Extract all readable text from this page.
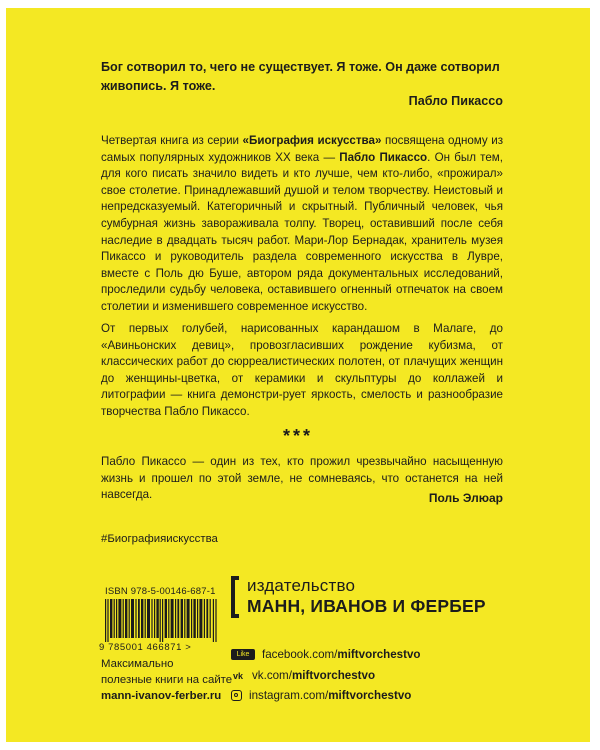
Бог сотворил то, чего не существует. Я тоже. Он даже сотворил живопись. Я тоже.
Пабло Пикассо

Четвертая книга из серии «Биография искусства» посвящена одному из самых популярных художников XX века — Пабло Пикассо. Он был тем, для кого писать значило видеть и кто лучше, чем кто-либо, «прожирал» свое столетие. Принадлежавший душой и телом творчеству. Неистовый и непредсказуемый. Категоричный и скрытный. Публичный человек, чья сумбурная жизнь завораживала толпу. Творец, оставивший после себя наследие в двадцать тысяч работ. Мари-Лор Бернадак, хранитель музея Пикассо и руководитель раздела современного искусства в Лувре, вместе с Поль дю Буше, автором ряда документальных исследований, проследили судьбу человека, оставившего огненный отпечаток на своем столетии и изменившего современное искусство.

От первых голубей, нарисованных карандашом в Малаге, до «Авиньонских девиц», провозгласивших рождение кубизма, от классических работ до сюрреалистических полотен, от плачущих женщин до женщины-цветка, от керамики и скульптуры до коллажей и литографии — книга демонстри-рует яркость, смелость и разнообразие творчества Пабло Пикассо.

***

Пабло Пикассо — один из тех, кто прожил чрезвычайно насыщенную жизнь и прошел по этой земле, не сомневаясь, что останется на ней навсегда.	Поль Элюар
#Биографияискусства
ISBN 978-5-00146-687-1
9 785001 466871 >
Максимально
полезные книги на сайте
mann-ivanov-ferber.ru
издательство
МАНН, ИВАНОВ И ФЕРБЕР
Like	facebook.com/ miftvorchestvo
vk vk.com/ miftvorchestvo
instagram.com/ miftvorchestvo
